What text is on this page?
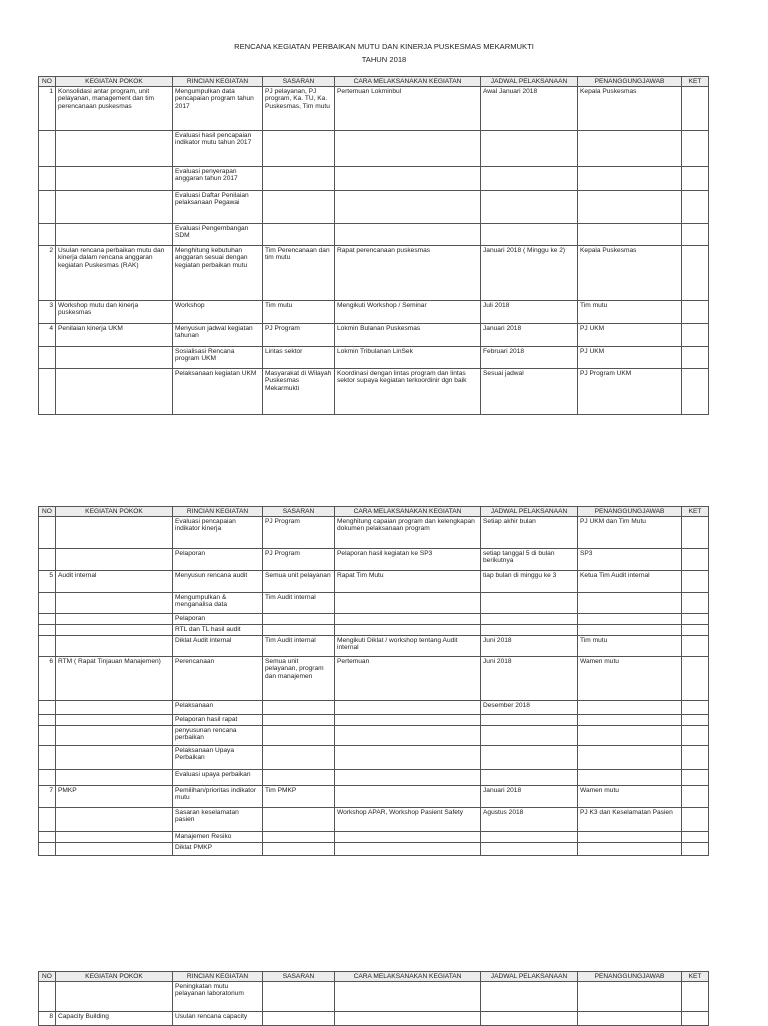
RENCANA KEGIATAN PERBAIKAN MUTU DAN KINERJA PUSKESMAS MEKARMUKTI
TAHUN 2018
NO	KEGIATAN POKOK	RINCIAN KEGIATAN	SASARAN	CARA MELAKSANAKAN KEGIATAN	JADWAL PELAKSANAAN	PENANGGUNGJAWAB	KET
1	Konsolidasi antar program, unit pelayanan, management dan tim perencanaan puskesmas	Mengumpulkan data pencapaian program tahun 2017	PJ pelayanan, PJ program, Ka. TU, Ka. Puskesmas, Tim mutu	Pertemuan Lokminbul	Awal Januari 2018	Kepala Puskesmas	
		Evaluasi hasil pencapaian indikator mutu tahun 2017					
		Evaluasi penyerapan anggaran tahun 2017					
		Evaluasi Daftar Penilaian pelaksanaan Pegawai					
		Evaluasi Pengembangan SDM					
2	Usulan rencana perbaikan mutu dan kinerja dalam rencana anggaran kegiatan Puskesmas (RAK)	Menghitung kebutuhan anggaran sesuai dengan kegiatan perbaikan mutu	Tim Perencanaan dan tim mutu	Rapat perencanaan puskesmas	Januari 2018 ( Minggu ke 2)	Kepala Puskesmas	
3	Workshop mutu dan kinerja puskesmas	Workshop	Tim mutu	Mengikuti Workshop / Seminar	Juli 2018	Tim mutu	
4	Penilaian kinerja UKM	Menyusun jadwal kegiatan tahunan	PJ Program	Lokmin Bulanan Puskesmas	Januari 2018	PJ UKM	
		Sosialisasi Rencana program UKM	Lintas sektor	Lokmin Tribulanan LinSek	Februari 2018	PJ UKM	
		Pelaksanaan kegiatan UKM	Masyarakat di Wilayah Puskesmas Mekarmukti	Koordinasi dengan lintas program dan lintas sektor supaya kegiatan terkoordinir dgn baik	Sesuai jadwal	PJ Program UKM	
NO	KEGIATAN POKOK	RINCIAN KEGIATAN	SASARAN	CARA MELAKSANAKAN KEGIATAN	JADWAL PELAKSANAAN	PENANGGUNGJAWAB	KET
		Evaluasi pencapaian indikator kinerja	PJ Program	Menghitung capaian program dan kelengkapan dokumen pelaksanaan program	Setiap akhir bulan	PJ UKM dan Tim Mutu	
		Pelaporan	PJ Program	Pelaporan hasil kegiatan ke SP3	setiap tanggal 5 di bulan berikutnya	SP3	
5	Audit internal	Menyusun rencana audit	Semua unit pelayanan	Rapat Tim Mutu	tiap bulan di minggu ke 3	Ketua Tim Audit internal	
		Mengumpulkan & menganalisa data	Tim Audit internal				
		Pelaporan					
		RTL dan TL hasil audit					
		Diklat Audit internal	Tim Audit internal	Mengikuti Diklat / workshop tentang Audit internal	Juni 2018	Tim mutu	
6	RTM ( Rapat Tinjauan Manajemen)	Perencanaan	Semua unit pelayanan, program dan manajemen	Pertemuan	Juni 2018	Wamen mutu	
		Pelaksanaan			Desember 2018		
		Pelaporan hasil rapat					
		penyusunan rencana perbaikan					
		Pelaksanaan Upaya Perbaikan					
		Evaluasi upaya perbaikan					
7	PMKP	Pemilihan/prioritas indikator mutu	Tim PMKP		Januari 2018	Wamen mutu	
		Sasaran keselamatan pasien		Workshop APAR, Workshop Pasient Safety	Agustus 2018	PJ K3 dan Keselamatan Pasien	
		Manajemen Resiko					
		Diklat PMKP					
NO	KEGIATAN POKOK	RINCIAN KEGIATAN	SASARAN	CARA MELAKSANAKAN KEGIATAN	JADWAL PELAKSANAAN	PENANGGUNGJAWAB	KET
		Peningkatan mutu pelayanan laboratorium					
8	Capacity Building	Usulan rencana capacity					
